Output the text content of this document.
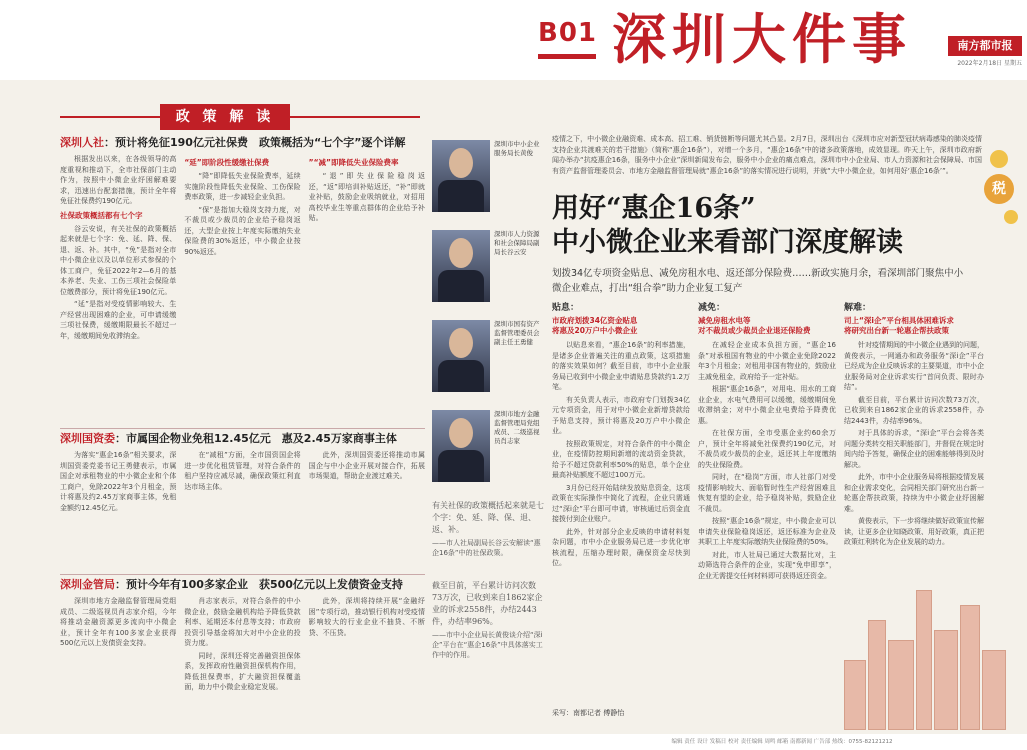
B01 深圳大件事	南方都市报
2022年2月18日 星期五
政 策 解 读
深圳人社：预计将免征190亿元社保费　政策概括为“七个字”逐个详解

根据发出以来，在各级领导的高度重视和推动下，全市社保部门主动作为，按照中小微企业纾困解难要求，迅速出台配套措施，预计全年将免征社保费约190亿元。

社保政策概括都有七个字

谷云安说，有关社保的政策概括起来就是七个字：免、延、降、保、退、返、补。其中，“免”是指对全市中小微企业以及以单位形式参保的个体工商户，免征2022年2—6月的基本养老、失业、工伤三项社会保险单位缴费部分，预计将免征190亿元。

“延”是指对受疫情影响较大、生产经营出现困难的企业，可申请缓缴三项社保费，缓缴期限最长不超过一年，缓缴期间免收滞纳金。

“延”即阶段性缓缴社保费

“降”即降低失业保险费率，延续实施阶段性降低失业保险、工伤保险费率政策，进一步减轻企业负担。

“保”是指加大稳岗支持力度，对不裁员或少裁员的企业给予稳岗返还，大型企业按上年度实际缴纳失业保险费的30%返还，中小微企业按90%返还。

”“减”即降低失业保险费率

“退”即失业保险稳岗返还，“返”即培训补贴返还，“补”即就业补贴，鼓励企业吸纳就业，对招用高校毕业生等重点群体的企业给予补贴。

深圳国资委：市属国企物业免租12.45亿元　惠及2.45万家商事主体

为落实“惠企16条”相关要求，深圳国资委党委书记王勇健表示，市属国企对承租物业的中小微企业和个体工商户，免除2022年3个月租金，预计将惠及约2.45万家商事主体，免租金额约12.45亿元。

在“减租”方面，全市国资国企将进一步优化租赁管理，对符合条件的租户坚持应减尽减，确保政策红利直达市场主体。

此外，深圳国资委还将推动市属国企与中小企业开展对接合作，拓展市场渠道，帮助企业渡过难关。

深圳金管局：预计今年有100多家企业　获500亿元以上发债资金支持

深圳市地方金融监督管理局党组成员、二级巡视员肖志家介绍，今年将推动金融资源更多流向中小微企业，预计全年有100多家企业获得500亿元以上发债资金支持。

肖志家表示，对符合条件的中小微企业，鼓励金融机构给予降低贷款利率、延期还本付息等支持；市政府投资引导基金将加大对中小企业的投资力度。

同时，深圳还将完善融资担保体系，发挥政府性融资担保机构作用，降低担保费率，扩大融资担保覆盖面，助力中小微企业稳定发展。

此外，深圳将持续开展“金融纾困”专项行动，推动银行机构对受疫情影响较大的行业企业不抽贷、不断贷、不压贷。

深圳市中小企业服务局长黄俊
深圳市人力资源和社会保障局副局长谷云安
深圳市国有资产监督管理委员会副主任王勇健
深圳市地方金融监督管理局党组成员、二级巡视员肖志家
有关社保的政策概括起来就是七个字：免、延、降、保、退、返、补。
——市人社局副局长谷云安解读“惠企16条”中的社保政策。
截至目前，平台累计访问次数73万次，已收到来自1862家企业的诉求2558件，办结2443件，办结率96%。
——市中小企业局长黄俊谈介绍“深i企”平台在“惠企16条”中具体落实工作中的作用。
疫情之下，中小微企业融资难、成本高、招工难、销货链断等问题尤其凸显。2月7日，深圳出台《深圳市应对新型冠状病毒感染的肺炎疫情支持企业共渡难关的若干措施》（简称“惠企16条”），对增一个多月，“惠企16条”中的诸多政策落地，成效显现。昨天上午，深圳市政府新闻办举办“抗疫惠企16条，服务中小企业”深圳新闻发布会，服务中小企业的痛点难点，深圳市中小企业局、市人力资源和社会保障局、市国有资产监督管理委员会、市地方金融监督管理局就“惠企16条”的落实情况进行说明，并就“大中小微企业，如何用好‘惠企16条’”。
用好“惠企16条”
中小微企业来看部门深度解读
划拨34亿专项资金贴息、减免房租水电、返还部分保险费……新政实施月余，看深圳部门聚焦中小微企业难点，打出“组合拳”助力企业复工复产
税
贴息：
市政府划拨34亿资金贴息
将惠及20万户中小微企业

以贴息来看，“惠企16条”的利率措施，是诸多企业普遍关注的重点政策，这项措施的落实效果如何？截至目前，市中小企业服务局已收到中小微企业申请贴息贷款约1.2万笔。

有关负责人表示，市政府专门划拨34亿元专项资金，用于对中小微企业新增贷款给予贴息支持，预计将惠及20万户中小微企业。

按照政策规定，对符合条件的中小微企业，在疫情防控期间新增的流动资金贷款，给予不超过贷款利率50%的贴息，单个企业最高补贴额度不超过100万元。

3月份已经开始陆续发放贴息资金，这项政策在实际操作中简化了流程，企业只需通过“深i企”平台即可申请，审核通过后资金直接拨付到企业账户。

此外，针对部分企业反映的申请材料复杂问题，市中小企业服务局已进一步优化审核流程，压缩办理时限，确保资金尽快到位。

减免：
减免房租水电等
对不裁员或少裁员企业退还保险费

在减轻企业成本负担方面，“惠企16条”对承租国有物业的中小微企业免除2022年3个月租金；对租用非国有物业的，鼓励业主减免租金，政府给予一定补贴。

根据“惠企16条”，对用电、用水的工商业企业，水电气费用可以缓缴，缓缴期间免收滞纳金；对中小微企业电费给予降费优惠。

在社保方面，全市受惠企业约60余万户，预计全年将减免社保费约190亿元，对不裁员或少裁员的企业，返还其上年度缴纳的失业保险费。

同时，在“稳岗”方面，市人社部门对受疫情影响较大、面临暂时性生产经营困难且恢复有望的企业，给予稳岗补贴，鼓励企业不裁员。

按照“惠企16条”规定，中小微企业可以申请失业保险稳岗返还，返还标准为企业及其职工上年度实际缴纳失业保险费的50%。

对此，市人社局已通过大数据比对，主动筛选符合条件的企业，实现“免申即享”，企业无需提交任何材料即可获得返还资金。

解难：
司上“深i企”平台相具体困难诉求
将研究出台新一轮惠企帮扶政策

针对疫情期间的中小微企业遇到的问题，黄俊表示，一网通办和政务服务“深i企”平台已经成为企业反映诉求的主要渠道，市中小企业服务局对企业诉求实行“首问负责、限时办结”。

截至目前，平台累计访问次数73万次，已收到来自1862家企业的诉求2558件，办结2443件，办结率96%。

对于具体的诉求，“深i企”平台会将各类问题分类转交相关职能部门，并督促在规定时间内给予答复，确保企业的困难能够得到及时解决。

此外，市中小企业服务局将根据疫情发展和企业需求变化，会同相关部门研究出台新一轮惠企帮扶政策，持续为中小微企业纾困解难。

黄俊表示，下一步将继续做好政策宣传解读，让更多企业知晓政策、用好政策，真正把政策红利转化为企业发展的动力。

采写：南都记者 傅静怡
编辑 责任 设计 发稿日 校对 责任编辑 周鸣 邮箱 南都新闻 广告部 热线：0755-82121212
